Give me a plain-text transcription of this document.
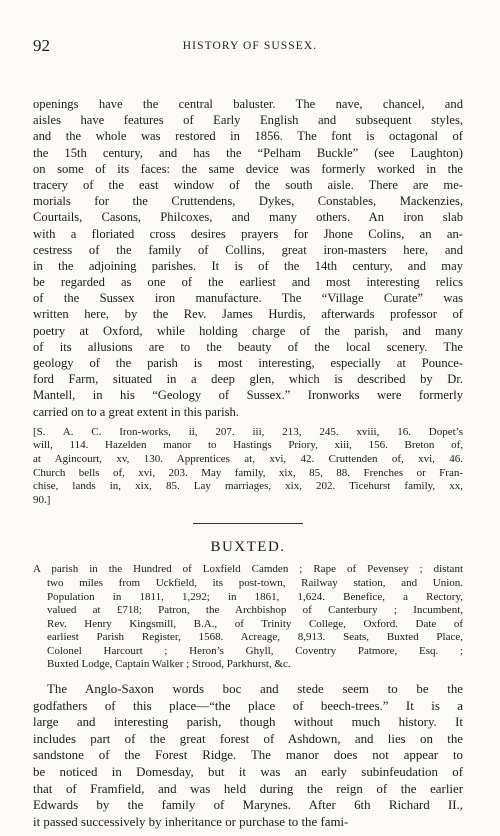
92	HISTORY OF SUSSEX.
openings have the central baluster. The nave, chancel, and
aisles have features of Early English and subsequent styles,
and the whole was restored in 1856. The font is octagonal of
the 15th century, and has the “Pelham Buckle” (see Laughton)
on some of its faces: the same device was formerly worked in the
tracery of the east window of the south aisle. There are me-
morials for the Cruttendens, Dykes, Constables, Mackenzies,
Courtails, Casons, Philcoxes, and many others. An iron slab
with a floriated cross desires prayers for Jhone Colins, an an-
cestress of the family of Collins, great iron-masters here, and
in the adjoining parishes. It is of the 14th century, and may
be regarded as one of the earliest and most interesting relics
of the Sussex iron manufacture. The “Village Curate” was
written here, by the Rev. James Hurdis, afterwards professor of
poetry at Oxford, while holding charge of the parish, and many
of its allusions are to the beauty of the local scenery. The
geology of the parish is most interesting, especially at Pounce-
ford Farm, situated in a deep glen, which is described by Dr.
Mantell, in his “Geology of Sussex.” Ironworks were formerly
carried on to a great extent in this parish.
[S. A. C. Iron-works, ii, 207. iii, 213, 245. xviii, 16. Dopet’s
will, 114. Hazelden manor to Hastings Priory, xiii, 156. Breton of,
at Agincourt, xv, 130. Apprentices at, xvi, 42. Cruttenden of, xvi, 46.
Church bells of, xvi, 203. May family, xix, 85, 88. Frenches or Fran-
chise, lands in, xix, 85. Lay marriages, xix, 202. Ticehurst family, xx,
90.]
BUXTED.
A parish in the Hundred of Loxfield Camden ; Rape of Pevensey ; distant
two miles from Uckfield, its post-town, Railway station, and Union.
Population in 1811, 1,292; in 1861, 1,624. Benefice, a Rectory,
valued at £718; Patron, the Archbishop of Canterbury ; Incumbent,
Rev. Henry Kingsmill, B.A., of Trinity College, Oxford. Date of
earliest Parish Register, 1568. Acreage, 8,913. Seats, Buxted Place,
Colonel Harcourt ; Heron’s Ghyll, Coventry Patmore, Esq. ;
Buxted Lodge, Captain Walker ; Strood, Parkhurst, &c.
The Anglo-Saxon words boc and stede seem to be the
godfathers of this place—“the place of beech-trees.” It is a
large and interesting parish, though without much history. It
includes part of the great forest of Ashdown, and lies on the
sandstone of the Forest Ridge. The manor does not appear to
be noticed in Domesday, but it was an early subinfeudation of
that of Framfield, and was held during the reign of the earlier
Edwards by the family of Marynes. After 6th Richard II.,
it passed successively by inheritance or purchase to the fami-
